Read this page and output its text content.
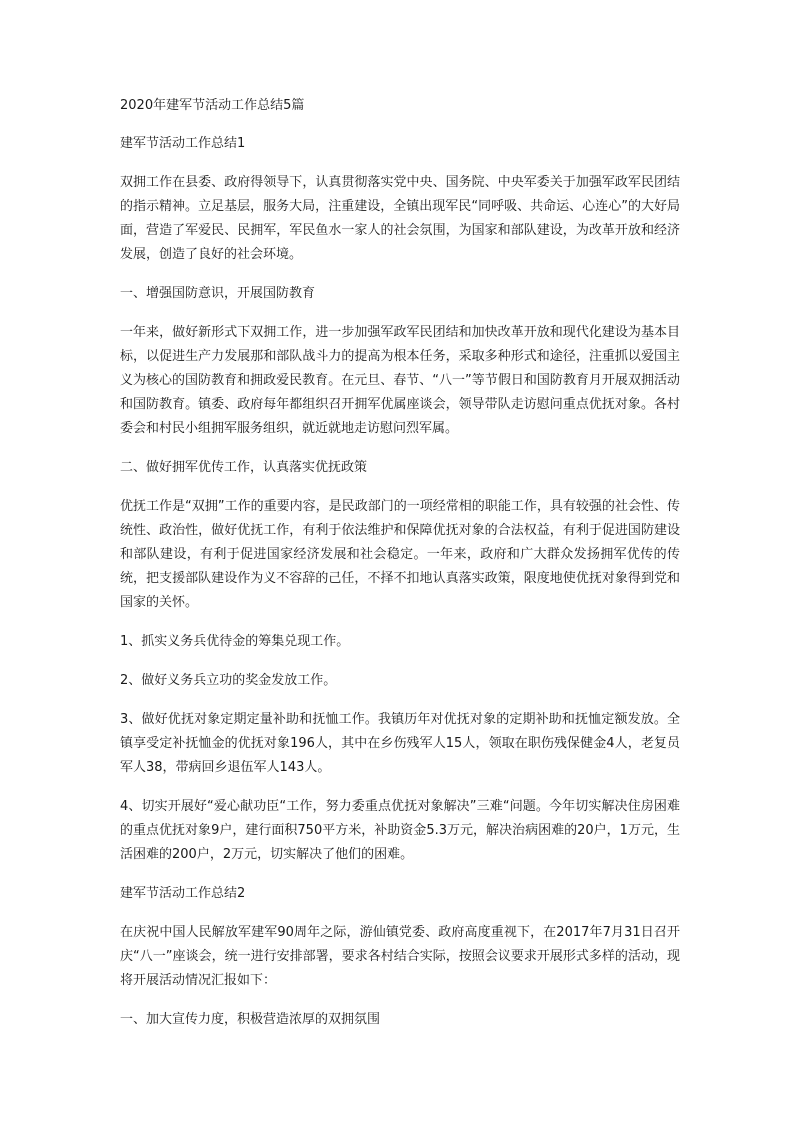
2020年建军节活动工作总结5篇

建军节活动工作总结1

双拥工作在县委、政府得领导下，认真贯彻落实党中央、国务院、中央军委关于加强军政军民团结的指示精神。立足基层，服务大局，注重建设，全镇出现军民“同呼吸、共命运、心连心”的大好局面，营造了军爱民、民拥军，军民鱼水一家人的社会氛围，为国家和部队建设，为改革开放和经济发展，创造了良好的社会环境。

一、增强国防意识，开展国防教育

一年来，做好新形式下双拥工作，进一步加强军政军民团结和加快改革开放和现代化建设为基本目标，以促进生产力发展那和部队战斗力的提高为根本任务，采取多种形式和途径，注重抓以爱国主义为核心的国防教育和拥政爱民教育。在元旦、春节、“八一”等节假日和国防教育月开展双拥活动和国防教育。镇委、政府每年都组织召开拥军优属座谈会，领导带队走访慰问重点优抚对象。各村委会和村民小组拥军服务组织，就近就地走访慰问烈军属。

二、做好拥军优传工作，认真落实优抚政策

优抚工作是“双拥”工作的重要内容，是民政部门的一项经常相的职能工作，具有较强的社会性、传统性、政治性，做好优抚工作，有利于依法维护和保障优抚对象的合法权益，有利于促进国防建设和部队建设，有利于促进国家经济发展和社会稳定。一年来，政府和广大群众发扬拥军优传的传统，把支援部队建设作为义不容辞的己任，不择不扣地认真落实政策，限度地使优抚对象得到党和国家的关怀。

1、抓实义务兵优待金的筹集兑现工作。

2、做好义务兵立功的奖金发放工作。

3、做好优抚对象定期定量补助和抚恤工作。我镇历年对优抚对象的定期补助和抚恤定额发放。全镇享受定补抚恤金的优抚对象196人，其中在乡伤残军人15人，领取在职伤残保健金4人，老复员军人38，带病回乡退伍军人143人。

4、切实开展好“爱心献功臣“工作，努力委重点优抚对象解决”三难“问题。今年切实解决住房困难的重点优抚对象9户，建行面积750平方米，补助资金5.3万元，解决治病困难的20户，1万元，生活困难的200户，2万元，切实解决了他们的困难。

建军节活动工作总结2

在庆祝中国人民解放军建军90周年之际，游仙镇党委、政府高度重视下，在2017年7月31日召开庆“八一”座谈会，统一进行安排部署，要求各村结合实际，按照会议要求开展形式多样的活动，现将开展活动情况汇报如下：

一、加大宣传力度，积极营造浓厚的双拥氛围
